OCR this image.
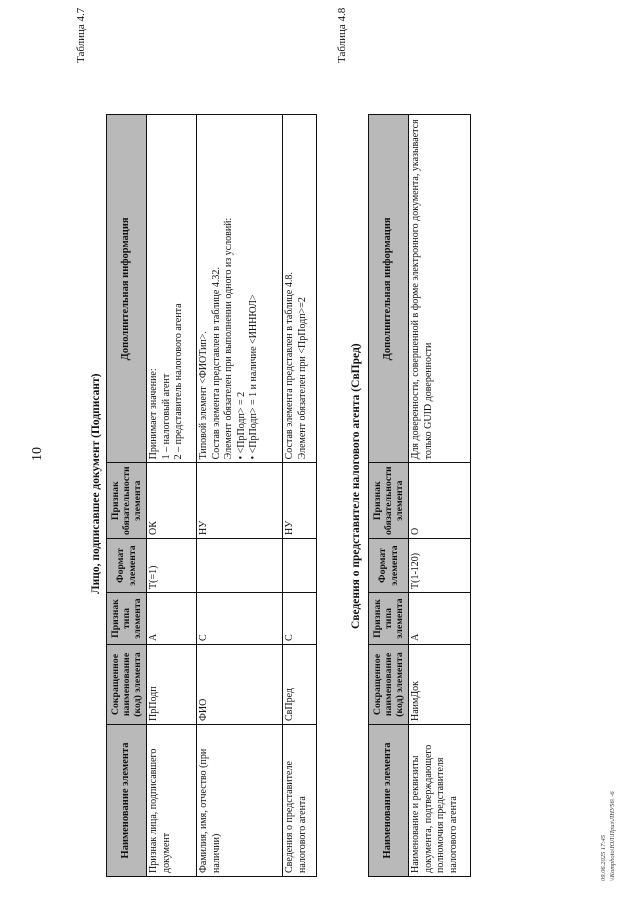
10
Таблица 4.7
Лицо, подписавшее документ (Подписант)
Наименование элемента	Сокращенное наименование (код) элемента	Признак типа элемента	Формат элемента	Признак обязательности элемента	Дополнительная информация
Признак лица, подписавшего документ	ПрПодп	А	T(=1)	ОК	Принимает значение: 1 – налоговый агент 2 – представитель налогового агента

Фамилия, имя, отчество (при наличии)	ФИО	С		НУ	Типовой элемент <ФИОТип>. Состав элемента представлен в таблице 4.32. Элемент обязателен при выполнении одного из условий: • <ПрПодп> = 2 • <ПрПодп> = 1 и наличие <ИННЮЛ>

Сведения о представителе налогового агента	СвПред	С		НУ	Состав элемента представлен в таблице 4.8. Элемент обязателен при <ПрПодп>=2
Таблица 4.8
Сведения о представителе налогового агента (СвПред)
Наименование элемента	Сокращенное наименование (код) элемента	Признак типа элемента	Формат элемента	Признак обязательности элемента	Дополнительная информация
Наименование и реквизиты документа, подтверждающего полномочия представителя налогового агента	НаимДок	А	T(1-120)	О	Для доверенности, совершенной в форме электронного документа, указывается только GUID доверенности
09.06.2025 17:45 \\Komphoto\ЮЛ\Приз\ЛНУ56\ -6
